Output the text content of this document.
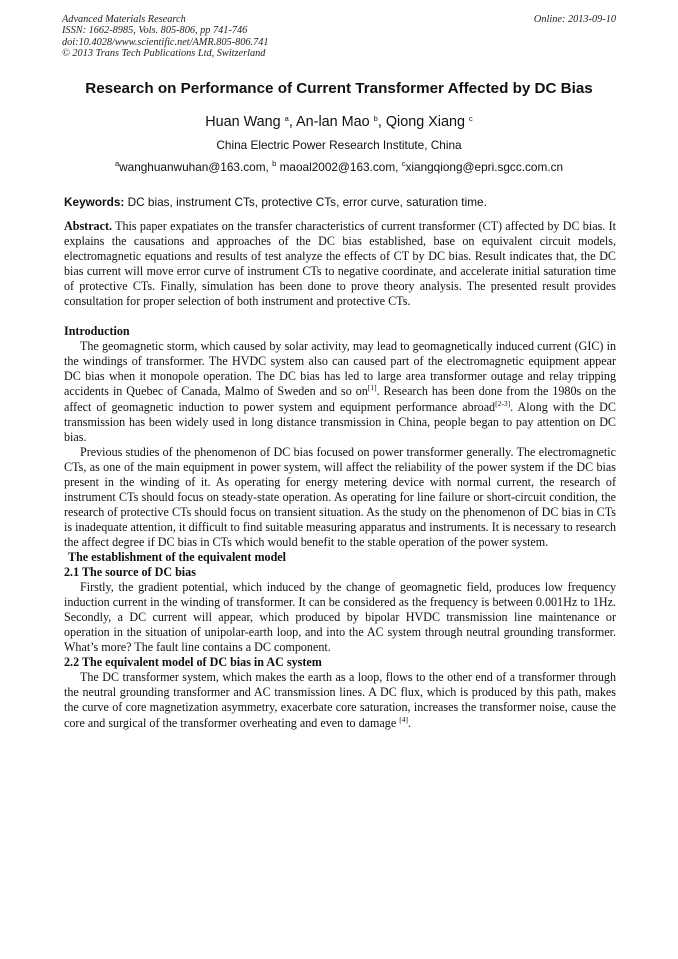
Advanced Materials Research
ISSN: 1662-8985, Vols. 805-806, pp 741-746
doi:10.4028/www.scientific.net/AMR.805-806.741
© 2013 Trans Tech Publications Ltd, Switzerland
Online: 2013-09-10
Research on Performance of Current Transformer Affected by DC Bias
Huan Wang $^a$, An-lan Mao $^b$, Qiong Xiang $^c$
China Electric Power Research Institute, China
$^a$wanghuanwuhan@163.com, $^b$ maoal2002@163.com, $^c$xiangqiong@epri.sgcc.com.cn
Keywords: DC bias, instrument CTs, protective CTs, error curve, saturation time.

Abstract. This paper expatiates on the transfer characteristics of current transformer (CT) affected by DC bias. It explains the causations and approaches of the DC bias established, base on equivalent circuit models, electromagnetic equations and results of test analyze the effects of CT by DC bias. Result indicates that, the DC bias current will move error curve of instrument CTs to negative coordinate, and accelerate initial saturation time of protective CTs. Finally, simulation has been done to prove theory analysis. The presented result provides consultation for proper selection of both instrument and protective CTs.

Introduction

The geomagnetic storm, which caused by solar activity, may lead to geomagnetically induced current (GIC) in the windings of transformer. The HVDC system also can caused part of the electromagnetic equipment appear DC bias when it monopole operation. The DC bias has led to large area transformer outage and relay tripping accidents in Quebec of Canada, Malmo of Sweden and so on[1]. Research has been done from the 1980s on the affect of geomagnetic induction to power system and equipment performance abroad[2-3]. Along with the DC transmission has been widely used in long distance transmission in China, people began to pay attention on DC bias.

Previous studies of the phenomenon of DC bias focused on power transformer generally. The electromagnetic CTs, as one of the main equipment in power system, will affect the reliability of the power system if the DC bias present in the winding of it. As operating for energy metering device with normal current, the research of instrument CTs should focus on steady-state operation. As operating for line failure or short-circuit condition, the research of protective CTs should focus on transient situation. As the study on the phenomenon of DC bias in CTs is inadequate attention, it difficult to find suitable measuring apparatus and instruments. It is necessary to research the affect degree if DC bias in CTs which would benefit to the stable operation of the power system.

The establishment of the equivalent model

2.1 The source of DC bias

Firstly, the gradient potential, which induced by the change of geomagnetic field, produces low frequency induction current in the winding of transformer. It can be considered as the frequency is between 0.001Hz to 1Hz. Secondly, a DC current will appear, which produced by bipolar HVDC transmission line maintenance or operation in the situation of unipolar-earth loop, and into the AC system through neutral grounding transformer. What’s more? The fault line contains a DC component.

2.2 The equivalent model of DC bias in AC system

The DC transformer system, which makes the earth as a loop, flows to the other end of a transformer through the neutral grounding transformer and AC transmission lines. A DC flux, which is produced by this path, makes the curve of core magnetization asymmetry, exacerbate core saturation, increases the transformer noise, cause the core and surgical of the transformer overheating and even to damage [4].
